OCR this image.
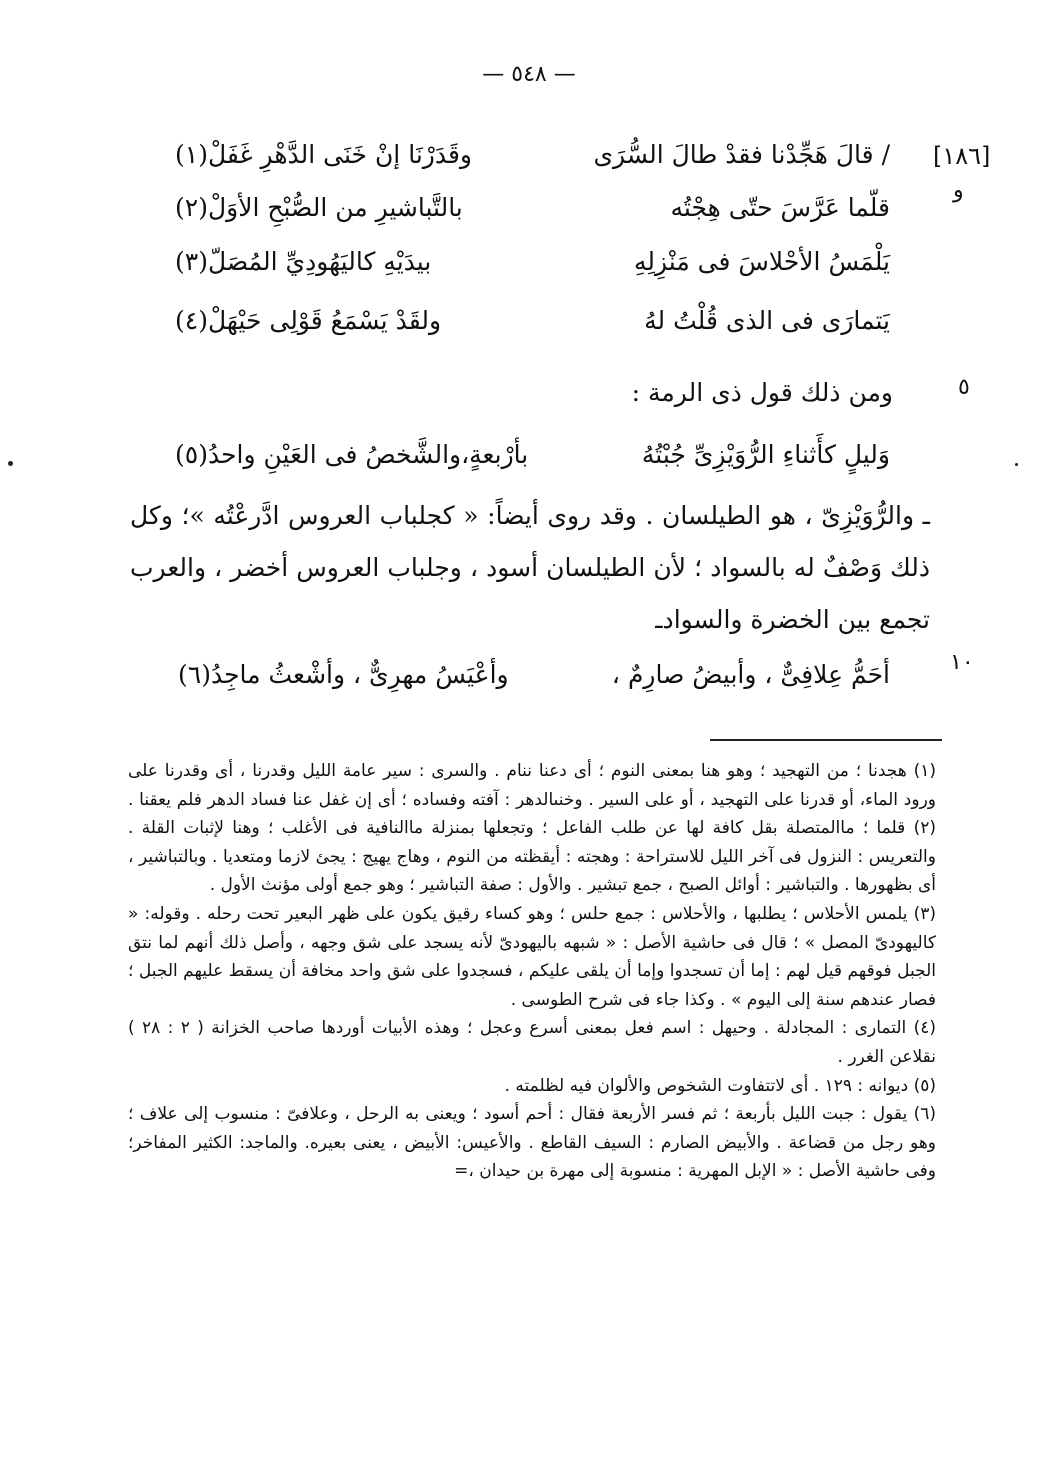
— ٥٤٨ —
[١٨٦]
و
٥
١٠
/ قالَ هَجِّدْنا فقدْ طالَ السُّرَى
وقَدَرْنَا إنْ خَنَى الدَّهْرِ غَفَلْ(١)
قلّما عَرَّسَ حتّى هِجْتُه
بالتَّباشيرِ من الصُّبْحِ الأوَلْ(٢)
يَلْمَسُ الأحْلاسَ فى مَنْزِلِهِ
بيدَيْهِ كاليَهُودِيِّ المُصَلّ(٣)
يَتمارَى فى الذى قُلْتُ لهُ
ولقَدْ يَسْمَعُ قَوْلِى حَيْهَلْ(٤)
ومن ذلك قول ذى الرمة :
وَليلٍ كأَثناءِ الرُّوَيْزِىِّ جُبْتُهُ
بأرْبعةٍ،والشَّخصُ فى العَيْنِ واحدُ(٥)
ـ والرُّوَيْزِىّ ، هو الطيلسان . وقد روى أيضاً: « كجلباب العروس ادَّرعْتُه »؛ وكل ذلك وَصْفٌ له بالسواد ؛ لأن الطيلسان أسود ، وجلباب العروس أخضر ، والعرب تجمع بين الخضرة والسوادـ
أحَمُّ عِلافِىٌّ ، وأبيضُ صارِمٌ ،
وأعْيَسُ مهرِىٌّ ، وأشْعثُ ماجِدُ(٦)

(١) هجدنا ؛ من التهجيد ؛ وهو هنا بمعنى النوم ؛ أى دعنا ننام . والسرى : سير عامة الليل وقدرنا ، أى وقدرنا على ورود الماء، أو قدرنا على التهجيد ، أو على السير . وخنىالدهر : آفته وفساده ؛ أى إن غفل عنا فساد الدهر فلم يعقنا . (٢) قلما ؛ ماالمتصلة بقل كافة لها عن طلب الفاعل ؛ وتجعلها بمنزلة ماالنافية فى الأغلب ؛ وهنا لإثبات القلة . والتعريس : النزول فى آخر الليل للاستراحة : وهجته : أيقظته من النوم ، وهاج يهيج : يجئ لازما ومتعديا . وبالتباشير ، أى بظهورها . والتباشير : أوائل الصبح ، جمع تبشير . والأول : صفة التباشير ؛ وهو جمع أولى مؤنث الأول .

(٣) يلمس الأحلاس ؛ يطلبها ، والأحلاس : جمع حلس ؛ وهو كساء رقيق يكون على ظهر البعير تحت رحله . وقوله: « كاليهودىّ المصل » ؛ قال فى حاشية الأصل : « شبهه باليهودىّ لأنه يسجد على شق وجهه ، وأصل ذلك أنهم لما نتق الجبل فوقهم قيل لهم : إما أن تسجدوا وإما أن يلقى عليكم ، فسجدوا على شق واحد مخافة أن يسقط عليهم الجبل ؛ فصار عندهم سنة إلى اليوم » . وكذا جاء فى شرح الطوسى .

(٤) التمارى : المجادلة . وحيهل : اسم فعل بمعنى أسرع وعجل ؛ وهذه الأبيات أوردها صاحب الخزانة ( ٢ : ٢٨ ) نقلاعن الغرر .

(٥) ديوانه : ١٢٩ . أى لاتتفاوت الشخوص والألوان فيه لظلمته .

(٦) يقول : جبت الليل بأربعة ؛ ثم فسر الأربعة فقال : أحم أسود ؛ ويعنى به الرحل ، وعلافىّ : منسوب إلى علاف ؛ وهو رجل من قضاعة . والأبيض الصارم : السيف القاطع . والأعيس: الأبيض ، يعنى بعيره. والماجد: الكثير المفاخر؛ وفى حاشية الأصل : « الإبل المهرية : منسوبة إلى مهرة بن حيدان ،=
